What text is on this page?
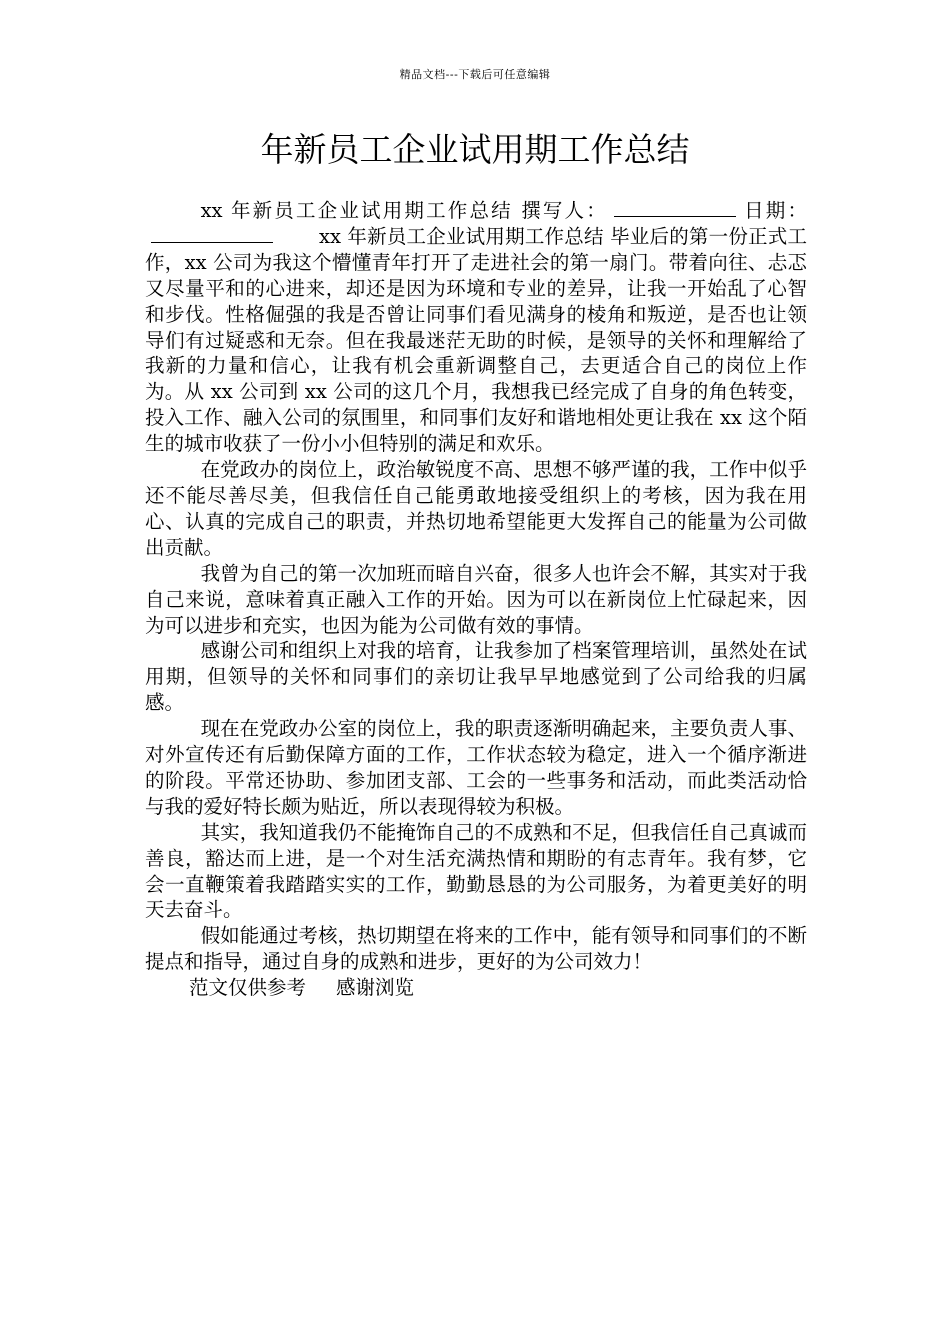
精品文档---下载后可任意编辑
年新员工企业试用期工作总结

xx 年新员工企业试用期工作总结 撰写人：	日期：xx 年新员工企业试用期工作总结 毕业后的第一份正式工作，xx 公司为我这个懵懂青年打开了走进社会的第一扇门。带着向往、忐忑又尽量平和的心进来，却还是因为环境和专业的差异，让我一开始乱了心智和步伐。性格倔强的我是否曾让同事们看见满身的棱角和叛逆，是否也让领导们有过疑惑和无奈。但在我最迷茫无助的时候，是领导的关怀和理解给了我新的力量和信心，让我有机会重新调整自己，去更适合自己的岗位上作为。从 xx 公司到 xx 公司的这几个月，我想我已经完成了自身的角色转变，投入工作、融入公司的氛围里，和同事们友好和谐地相处更让我在 xx 这个陌生的城市收获了一份小小但特别的满足和欢乐。

在党政办的岗位上，政治敏锐度不高、思想不够严谨的我，工作中似乎还不能尽善尽美，但我信任自己能勇敢地接受组织上的考核，因为我在用心、认真的完成自己的职责，并热切地希望能更大发挥自己的能量为公司做出贡献。

我曾为自己的第一次加班而暗自兴奋，很多人也许会不解，其实对于我自己来说，意味着真正融入工作的开始。因为可以在新岗位上忙碌起来，因为可以进步和充实，也因为能为公司做有效的事情。

感谢公司和组织上对我的培育，让我参加了档案管理培训，虽然处在试用期，但领导的关怀和同事们的亲切让我早早地感觉到了公司给我的归属感。

现在在党政办公室的岗位上，我的职责逐渐明确起来，主要负责人事、对外宣传还有后勤保障方面的工作，工作状态较为稳定，进入一个循序渐进的阶段。平常还协助、参加团支部、工会的一些事务和活动，而此类活动恰与我的爱好特长颇为贴近，所以表现得较为积极。

其实，我知道我仍不能掩饰自己的不成熟和不足，但我信任自己真诚而善良，豁达而上进，是一个对生活充满热情和期盼的有志青年。我有梦，它会一直鞭策着我踏踏实实的工作，勤勤恳恳的为公司服务，为着更美好的明天去奋斗。

假如能通过考核，热切期望在将来的工作中，能有领导和同事们的不断提点和指导，通过自身的成熟和进步，更好的为公司效力！

范文仅供参考 感谢浏览
